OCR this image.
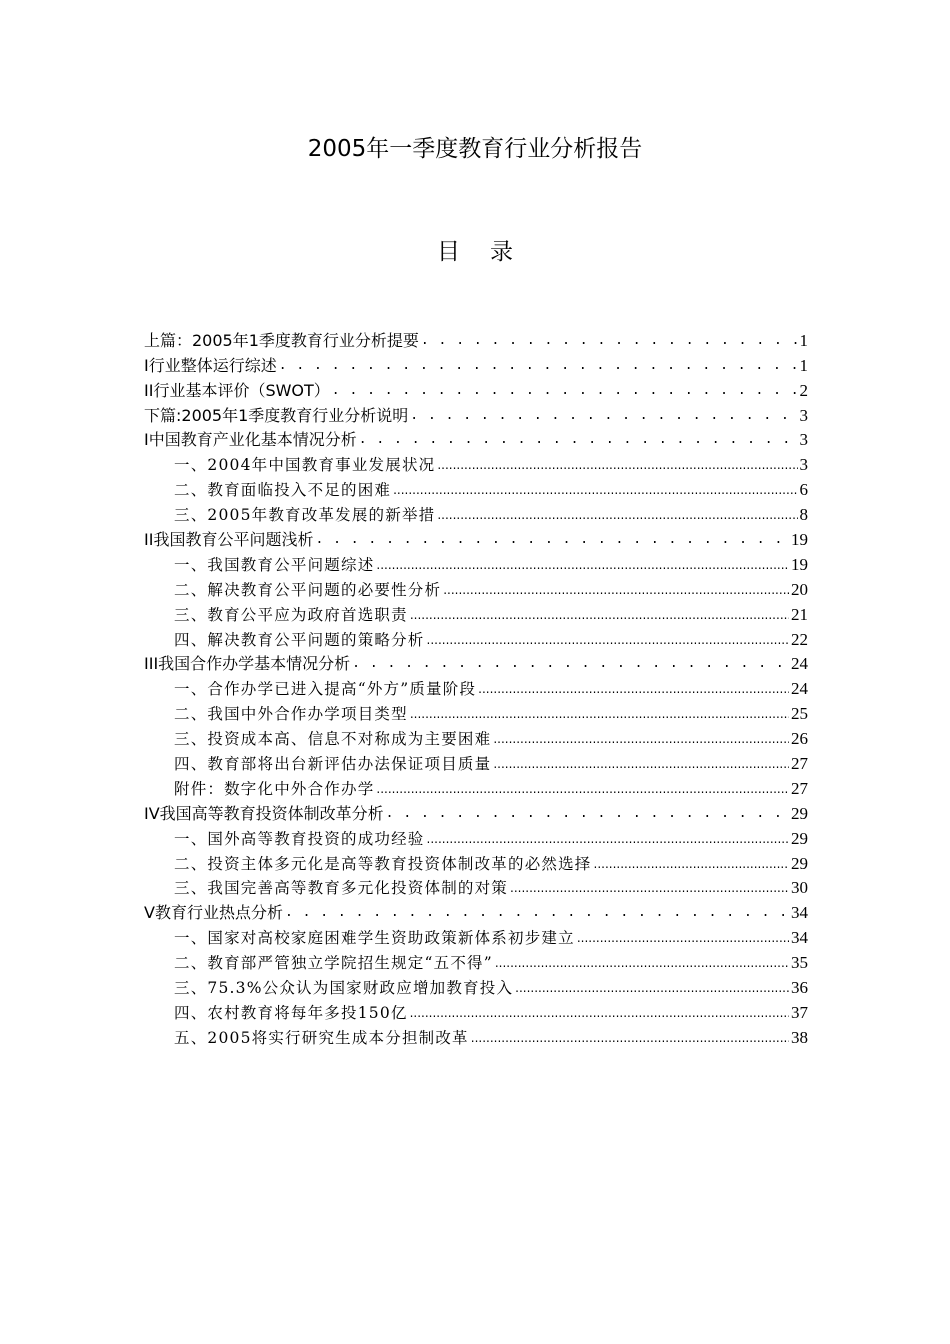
2005年一季度教育行业分析报告
目录
上篇：2005年1季度教育行业分析提要 . . .	1
I行业整体运行综述 . . .	1
II行业基本评价（SWOT） . . .	2
下篇:2005年1季度教育行业分析说明 . . .	3
I中国教育产业化基本情况分析 . . .	3
一、2004年中国教育事业发展状况 .....	3
二、教育面临投入不足的困难 .....	6
三、2005年教育改革发展的新举措 .....	8
II我国教育公平问题浅析 . . .	19
一、我国教育公平问题综述 .....	19
二、解决教育公平问题的必要性分析 .....	20
三、教育公平应为政府首选职责 .....	21
四、解决教育公平问题的策略分析 .....	22
III我国合作办学基本情况分析 . . .	24
一、合作办学已进入提高“外方”质量阶段 .....	24
二、我国中外合作办学项目类型 .....	25
三、投资成本高、信息不对称成为主要困难 .....	26
四、教育部将出台新评估办法保证项目质量 .....	27
附件：数字化中外合作办学 .....	27
IV我国高等教育投资体制改革分析 . . .	29
一、国外高等教育投资的成功经验 .....	29
二、投资主体多元化是高等教育投资体制改革的必然选择 .....	29
三、我国完善高等教育多元化投资体制的对策 .....	30
V教育行业热点分析 . . .	34
一、国家对高校家庭困难学生资助政策新体系初步建立 .....	34
二、教育部严管独立学院招生规定“五不得” .....	35
三、75.3%公众认为国家财政应增加教育投入 .....	36
四、农村教育将每年多投150亿 .....	37
五、2005将实行研究生成本分担制改革 .....	38
